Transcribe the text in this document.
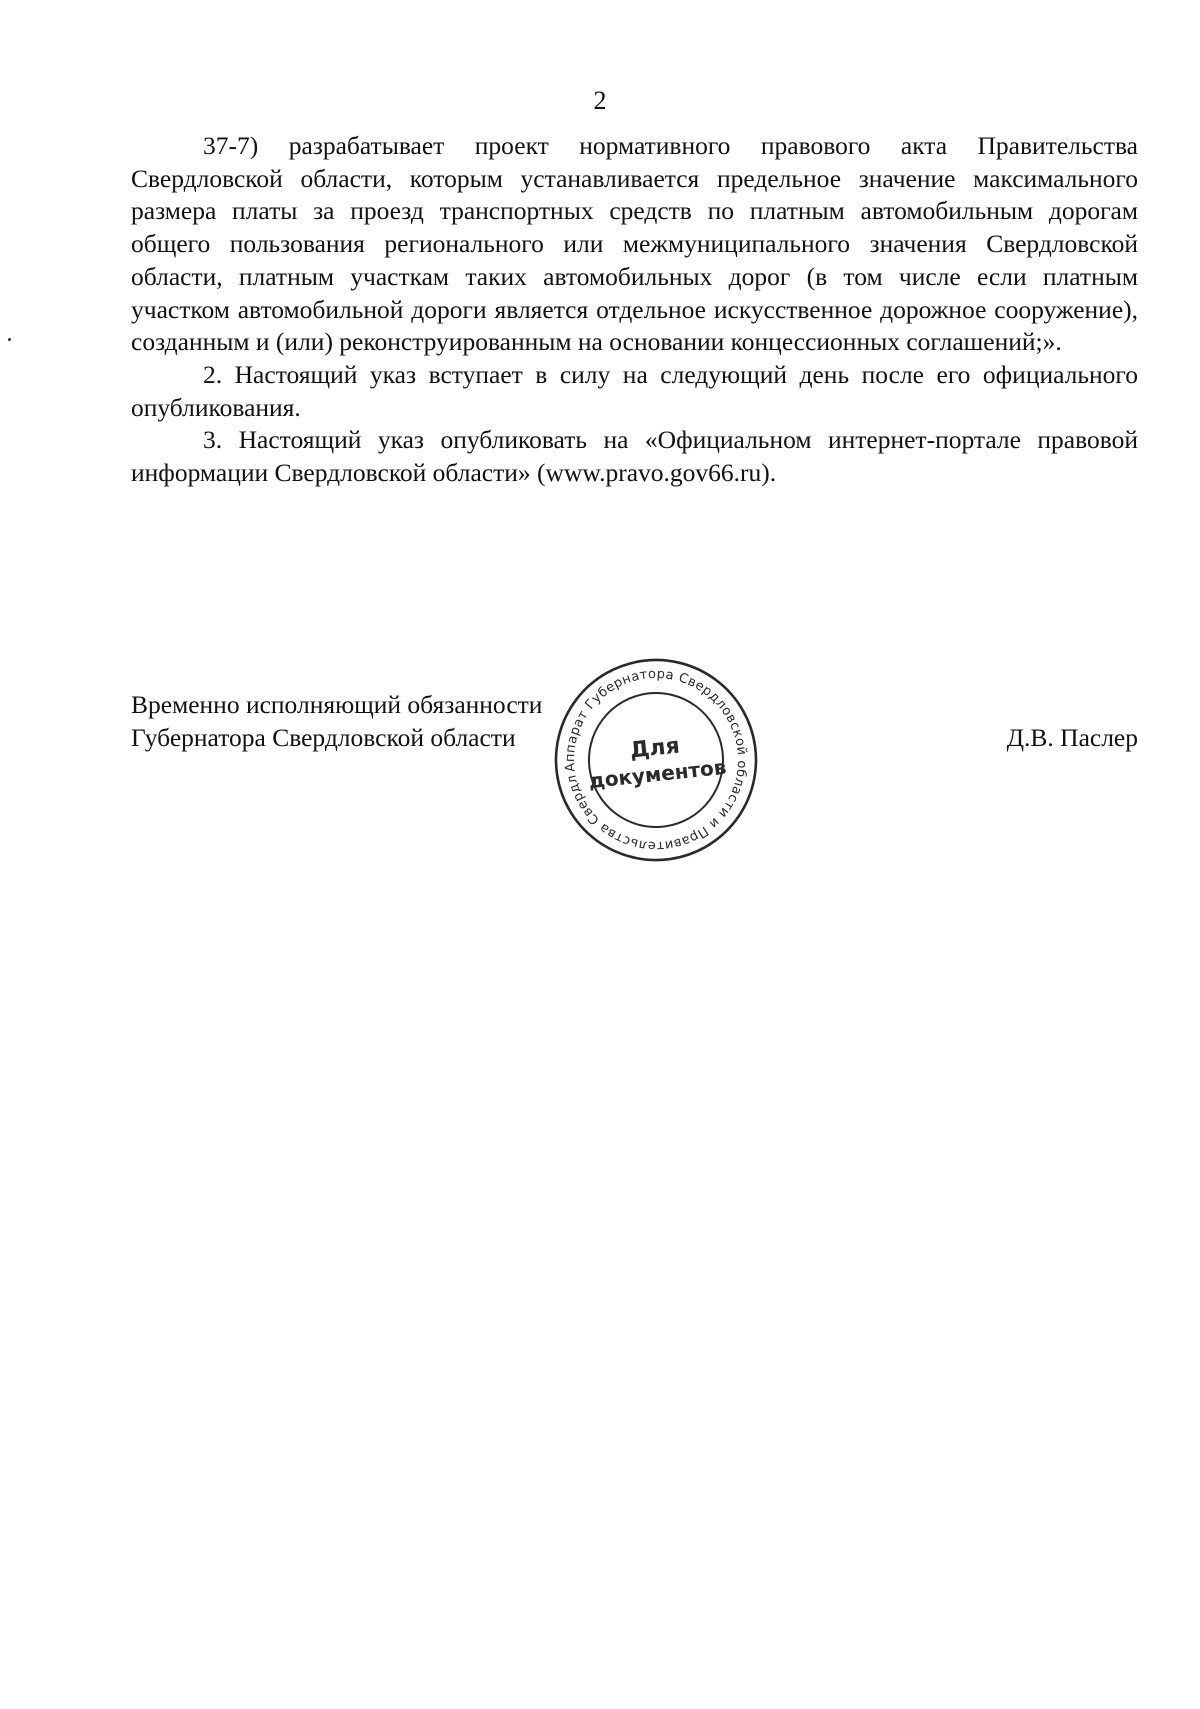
2

37-7) разрабатывает проект нормативного правового акта Правительства Свердловской области, которым устанавливается предельное значение максимального размера платы за проезд транспортных средств по платным автомобильным дорогам общего пользования регионального или межмуниципального значения Свердловской области, платным участкам таких автомобильных дорог (в том числе если платным участком автомобильной дороги является отдельное искусственное дорожное сооружение), созданным и (или) реконструированным на основании концессионных соглашений;».

2. Настоящий указ вступает в силу на следующий день после его официального опубликования.

3. Настоящий указ опубликовать на «Официальном интернет-портале правовой информации Свердловской области» (www.pravo.gov66.ru).

Временно исполняющий обязанности
Губернатора Свердловской области	Д.В. Паслер
Аппарат Губернатора Свердловской области и Правительства Свердловской
Для
документов
